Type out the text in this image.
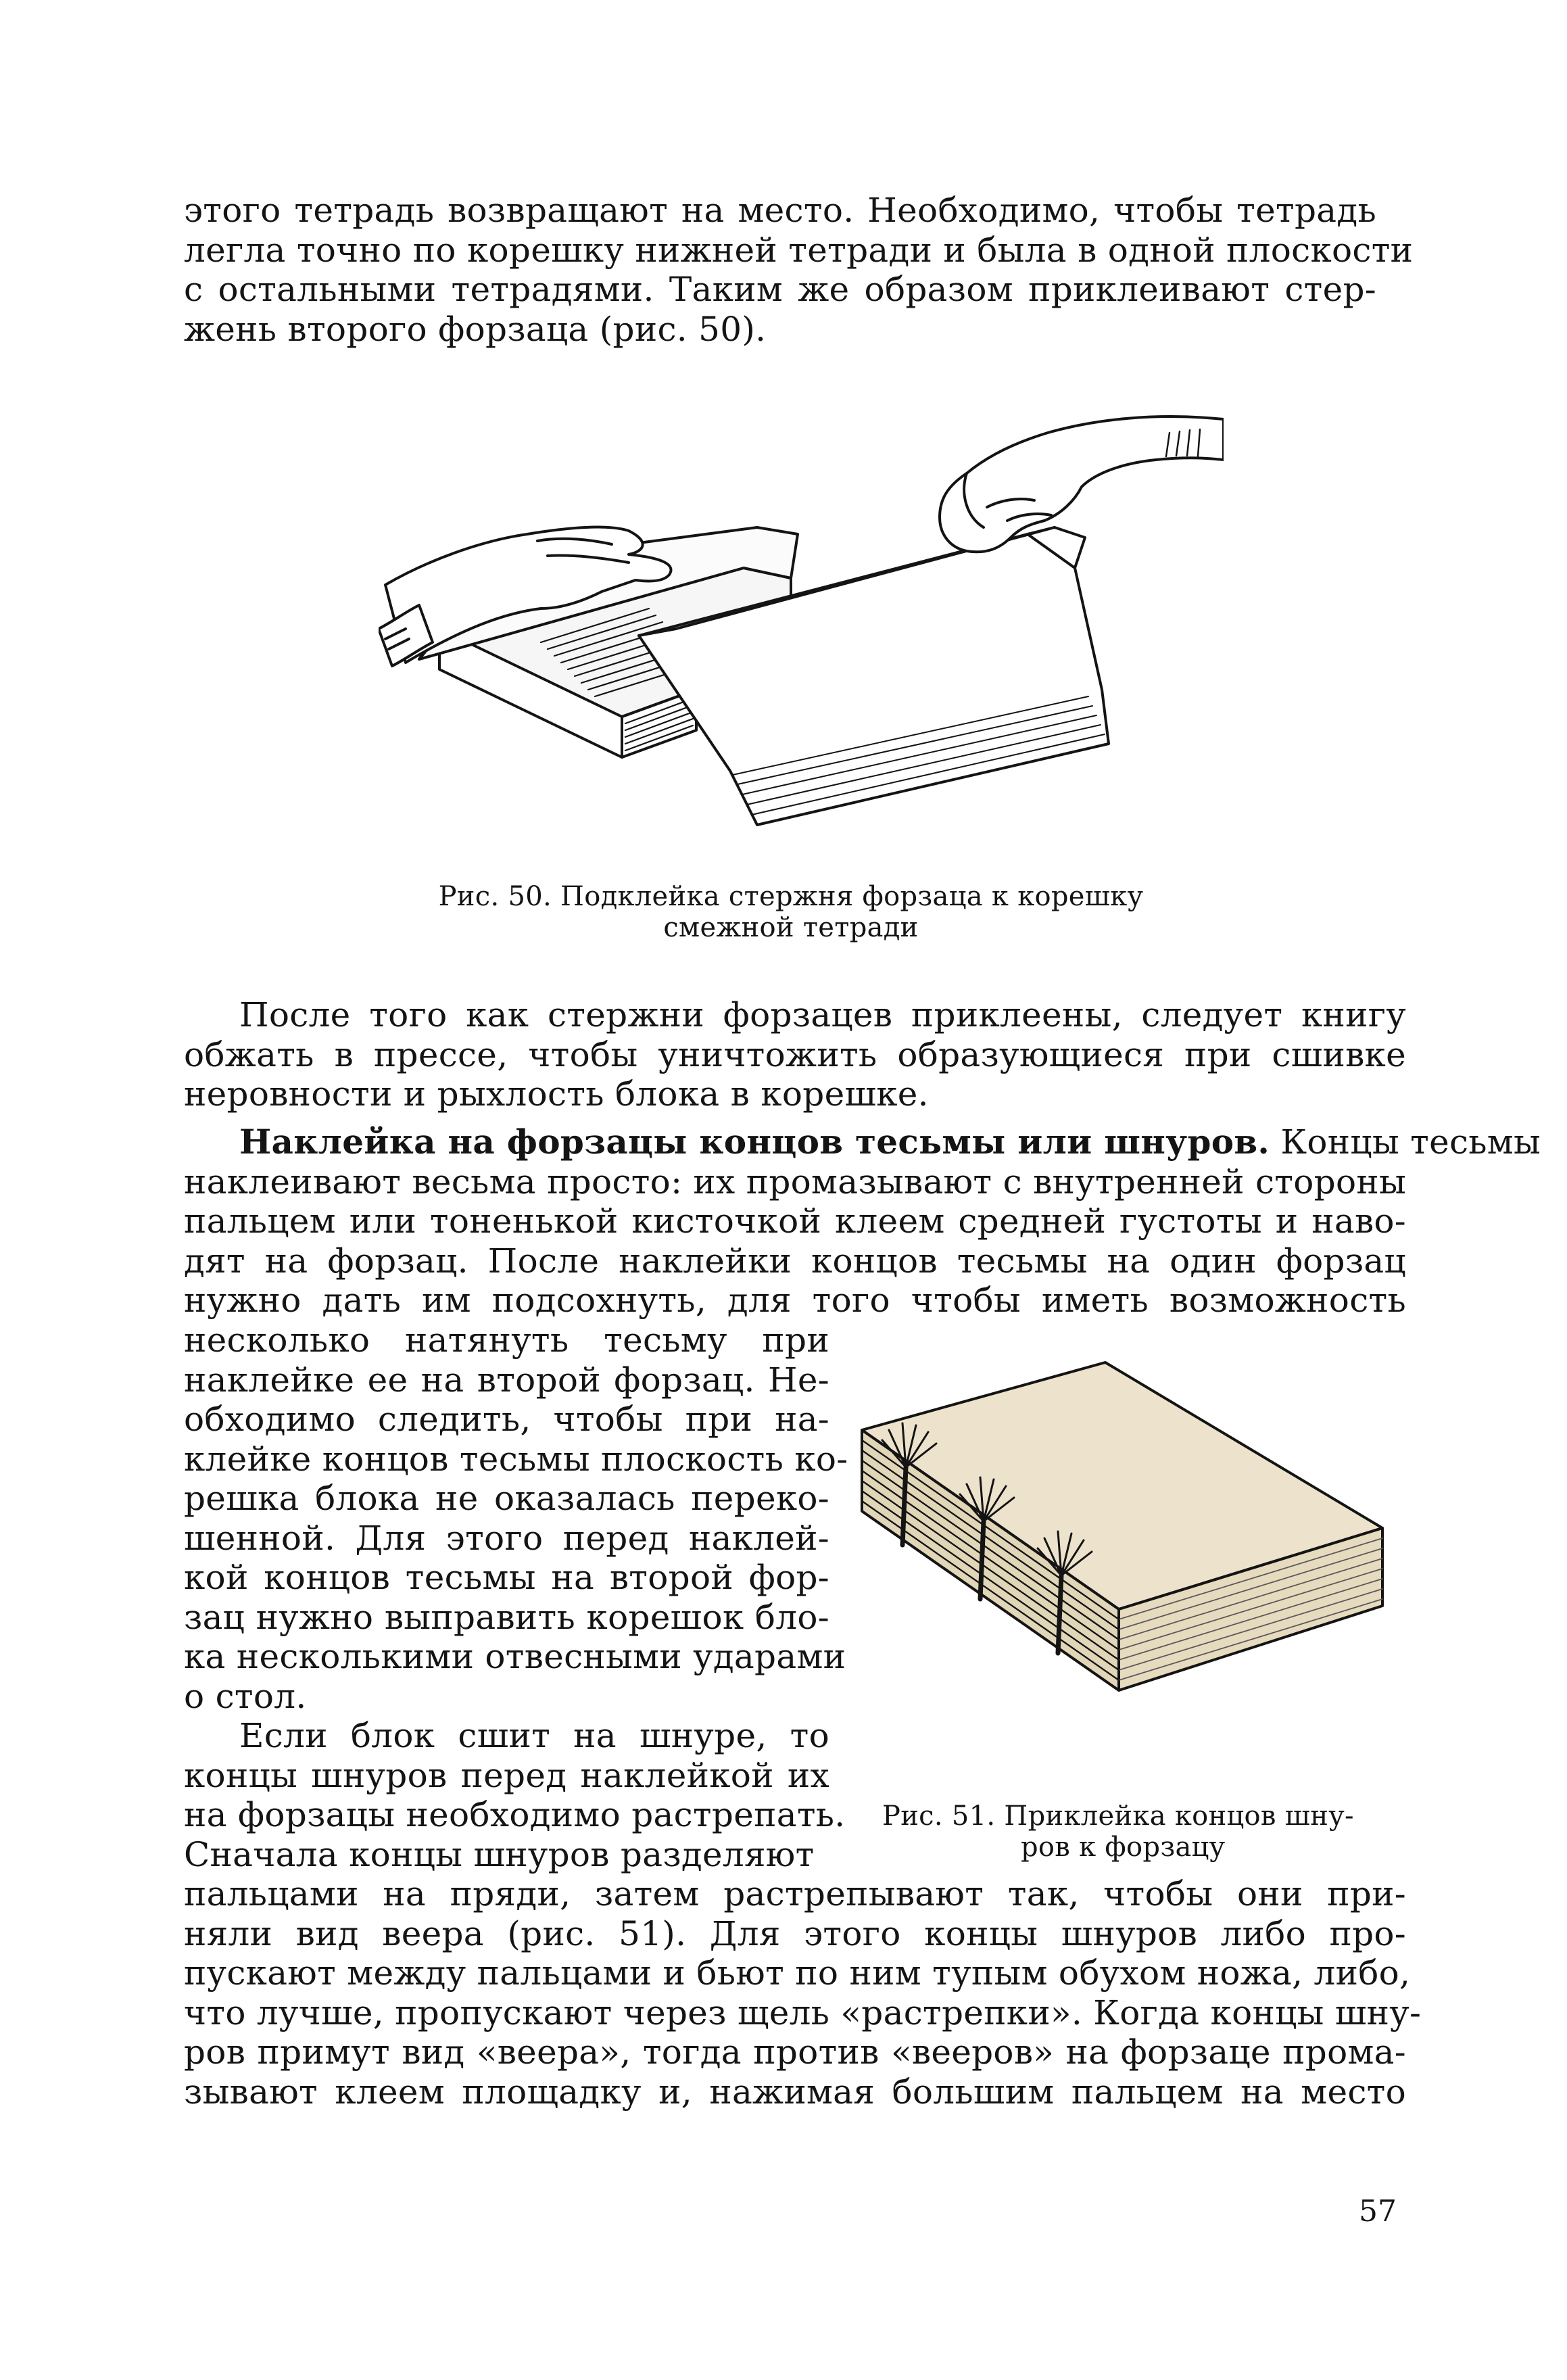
этого тетрадь возвращают на место. Необходимо, чтобы тетрадь
легла точно по корешку нижней тетради и была в одной плоскости
с остальными тетрадями. Таким же образом приклеивают стер-
жень второго форзаца (рис. 50).
Рис. 50. Подклейка стержня форзаца к корешку
смежной тетради
После того как стержни форзацев приклеены, следует книгу
обжать в прессе, чтобы уничтожить образующиеся при сшивке
неровности и рыхлость блока в корешке.
Наклейка на форзацы концов тесьмы или шнуров. Концы тесьмы
наклеивают весьма просто: их промазывают с внутренней стороны
пальцем или тоненькой кисточкой клеем средней густоты и наво-
дят на форзац. После наклейки концов тесьмы на один форзац
нужно дать им подсохнуть, для того чтобы иметь возможность
несколько натянуть тесьму при
наклейке ее на второй форзац. Не-
обходимо следить, чтобы при на-
клейке концов тесьмы плоскость ко-
решка блока не оказалась переко-
шенной. Для этого перед наклей-
кой концов тесьмы на второй фор-
зац нужно выправить корешок бло-
ка несколькими отвесными ударами
о стол.
Если блок сшит на шнуре, то
концы шнуров перед наклейкой их
на форзацы необходимо растрепать.
Сначала концы шнуров разделяют
Рис. 51. Приклейка концов шну-
ров к форзацу
пальцами на пряди, затем растрепывают так, чтобы они при-
няли вид веера (рис. 51). Для этого концы шнуров либо про-
пускают между пальцами и бьют по ним тупым обухом ножа, либо,
что лучше, пропускают через щель «растрепки». Когда концы шну-
ров примут вид «веера», тогда против «вееров» на форзаце прома-
зывают клеем площадку и, нажимая большим пальцем на место
57
